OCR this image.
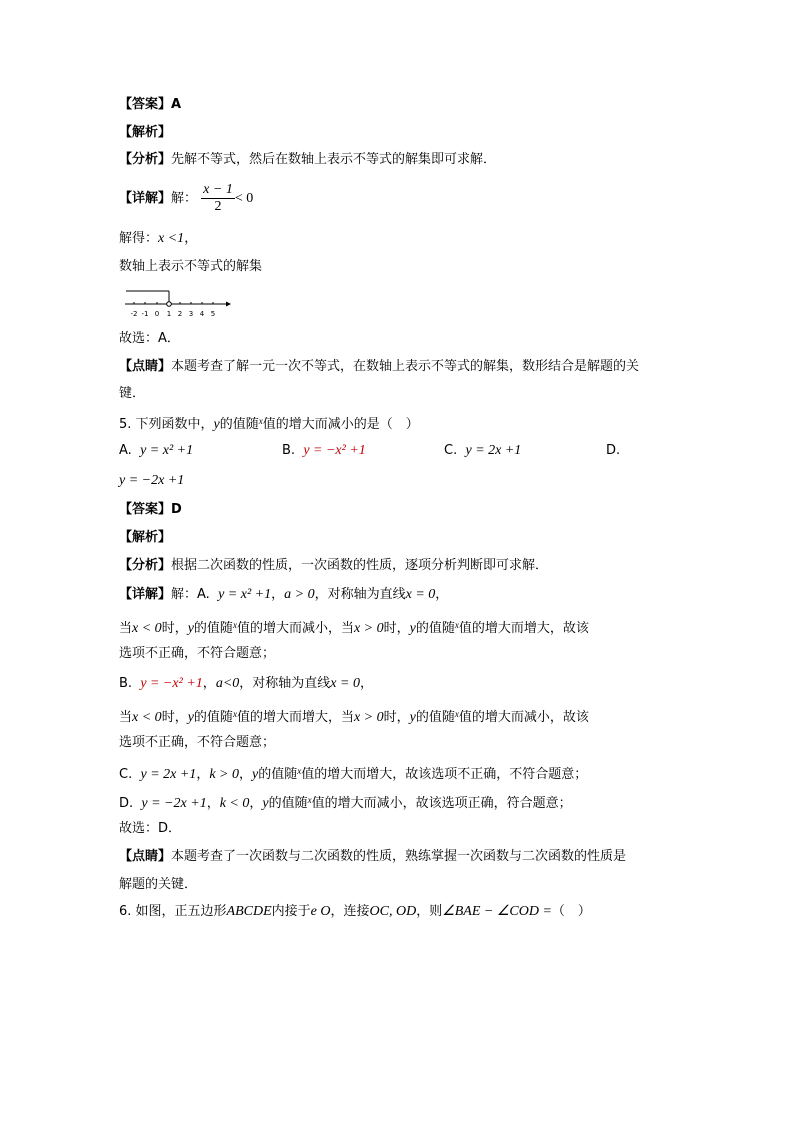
【答案】A
【解析】
【分析】先解不等式，然后在数轴上表示不等式的解集即可求解．
【详解】解： $\frac{x - 1}{2} < 0$
解得：x <1，
数轴上表示不等式的解集
-2 -1 0 1 2 3 4 5
故选：A．
【点睛】本题考查了解一元一次不等式，在数轴上表示不等式的解集，数形结合是解题的关
键．
5. 下列函数中，y的值随$^x$值的增大而减小的是（　）
A. y = x² +1	B. y = −x² +1	C. y = 2x +1	D.
y = −2x +1
【答案】D
【解析】
【分析】根据二次函数的性质，一次函数的性质，逐项分析判断即可求解．
【详解】解：A. y = x² +1，a > 0，对称轴为直线x = 0，
当x < 0时，y的值随$^x$值的增大而减小，当x > 0时，y的值随$^x$值的增大而增大，故该
选项不正确，不符合题意；
B. y = −x² +1，a<0，对称轴为直线x = 0，
当x < 0时，y的值随$^x$值的增大而增大，当x > 0时，y的值随$^x$值的增大而减小，故该
选项不正确，不符合题意；
C. y = 2x +1，k > 0，y的值随$^x$值的增大而增大，故该选项不正确，不符合题意；
D. y = −2x +1，k < 0，y的值随$^x$值的增大而减小，故该选项正确，符合题意；
故选：D．
【点睛】本题考查了一次函数与二次函数的性质，熟练掌握一次函数与二次函数的性质是
解题的关键．
6. 如图，正五边形ABCDE内接于e O，连接OC, OD，则∠BAE − ∠COD =（　）
